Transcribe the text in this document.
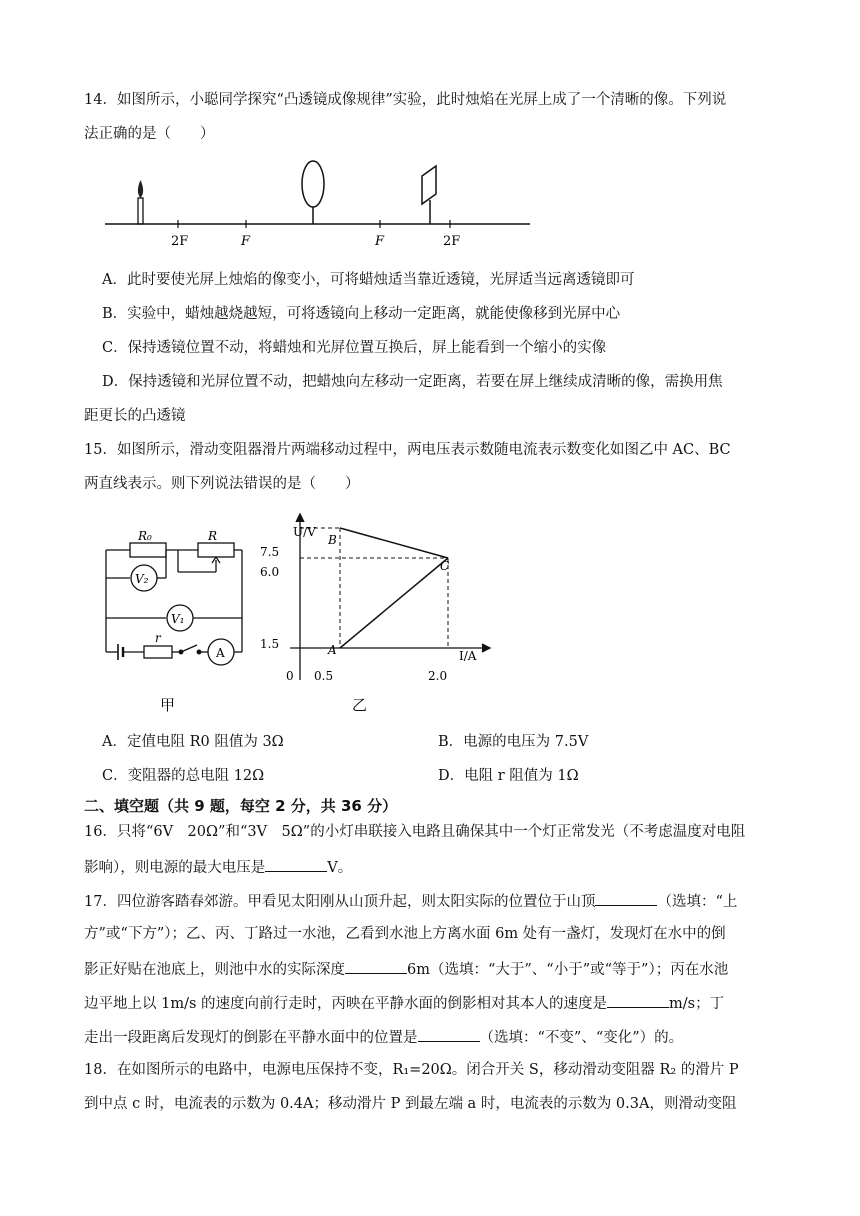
14．如图所示，小聪同学探究“凸透镜成像规律”实验，此时烛焰在光屏上成了一个清晰的像。下列说
法正确的是（　　）
2F	F	F	2F
A．此时要使光屏上烛焰的像变小，可将蜡烛适当靠近透镜，光屏适当远离透镜即可
B．实验中，蜡烛越烧越短，可将透镜向上移动一定距离，就能使像移到光屏中心
C．保持透镜位置不动，将蜡烛和光屏位置互换后，屏上能看到一个缩小的实像
D．保持透镜和光屏位置不动，把蜡烛向左移动一定距离，若要在屏上继续成清晰的像，需换用焦
距更长的凸透镜
15．如图所示，滑动变阻器滑片两端移动过程中，两电压表示数随电流表示数变化如图乙中 AC、BC
两直线表示。则下列说法错误的是（　　）
R₀	R
V₂
V₁
r
A
甲
U/V
I/A
7.5
6.0
1.5
0 0.5	2.0
B
C
A
乙
A．定值电阻 R0 阻值为 3Ω	B．电源的电压为 7.5V
C．变阻器的总电阻 12Ω	D．电阻 r 阻值为 1Ω
二、填空题（共 9 题，每空 2 分，共 36 分）
16．只将“6V　20Ω”和“3V　5Ω”的小灯串联接入电路且确保其中一个灯正常发光（不考虑温度对电阻
影响），则电源的最大电压是	V。
17．四位游客踏春郊游。甲看见太阳刚从山顶升起，则太阳实际的位置位于山顶	（选填：“上
方”或“下方”）；乙、丙、丁路过一水池，乙看到水池上方离水面 6m 处有一盏灯，发现灯在水中的倒
影正好贴在池底上，则池中水的实际深度	6m（选填：“大于”、“小于”或“等于”）；丙在水池
边平地上以 1m/s 的速度向前行走时，丙映在平静水面的倒影相对其本人的速度是	m/s；丁
走出一段距离后发现灯的倒影在平静水面中的位置是	（选填：“不变”、“变化”）的。
18．在如图所示的电路中，电源电压保持不变，R₁=20Ω。闭合开关 S，移动滑动变阻器 R₂ 的滑片 P
到中点 c 时，电流表的示数为 0.4A；移动滑片 P 到最左端 a 时，电流表的示数为 0.3A，则滑动变阻
